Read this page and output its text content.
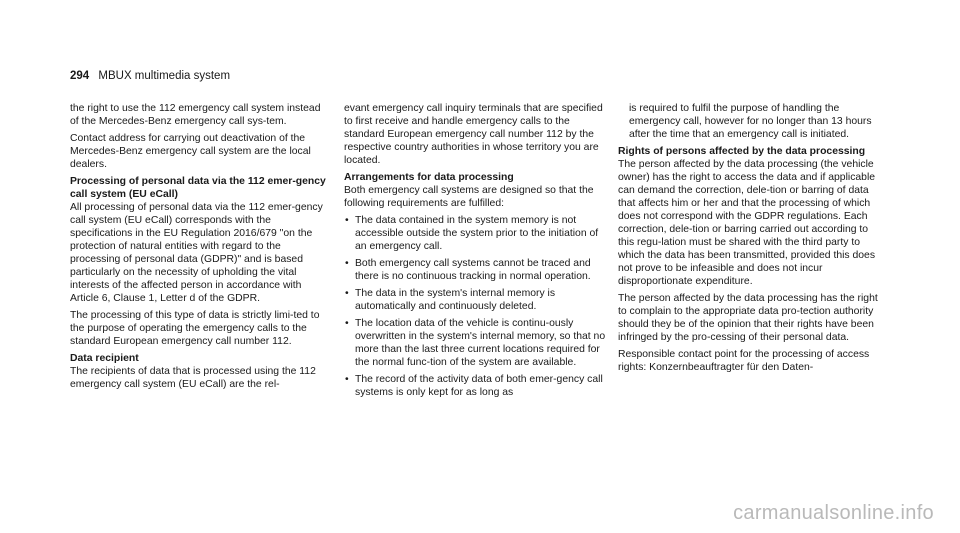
294 MBUX multimedia system

the right to use the 112 emergency call system instead of the Mercedes-Benz emergency call sys-tem.

Contact address for carrying out deactivation of the Mercedes-Benz emergency call system are the local dealers.

Processing of personal data via the 112 emer-gency call system (EU eCall)

All processing of personal data via the 112 emer-gency call system (EU eCall) corresponds with the specifications in the EU Regulation 2016/679 "on the protection of natural entities with regard to the processing of personal data (GDPR)" and is based particularly on the necessity of upholding the vital interests of the affected person in accordance with Article 6, Clause 1, Letter d of the GDPR.

The processing of this type of data is strictly limi-ted to the purpose of operating the emergency calls to the standard European emergency call number 112.

Data recipient

The recipients of data that is processed using the 112 emergency call system (EU eCall) are the rel-

evant emergency call inquiry terminals that are specified to first receive and handle emergency calls to the standard European emergency call number 112 by the respective country authorities in whose territory you are located.

Arrangements for data processing

Both emergency call systems are designed so that the following requirements are fulfilled:

• The data contained in the system memory is not accessible outside the system prior to the initiation of an emergency call.
• Both emergency call systems cannot be traced and there is no continuous tracking in normal operation.
• The data in the system's internal memory is automatically and continuously deleted.
• The location data of the vehicle is continu-ously overwritten in the system's internal memory, so that no more than the last three current locations required for the normal func-tion of the system are available.
• The record of the activity data of both emer-gency call systems is only kept for as long as

is required to fulfil the purpose of handling the emergency call, however for no longer than 13 hours after the time that an emergency call is initiated.

Rights of persons affected by the data processing

The person affected by the data processing (the vehicle owner) has the right to access the data and if applicable can demand the correction, dele-tion or barring of data that affects him or her and that the processing of which does not correspond with the GDPR regulations. Each correction, dele-tion or barring carried out according to this regu-lation must be shared with the third party to which the data has been transmitted, provided this does not prove to be infeasible and does not incur disproportionate expenditure.

The person affected by the data processing has the right to complain to the appropriate data pro-tection authority should they be of the opinion that their rights have been infringed by the pro-cessing of their personal data.

Responsible contact point for the processing of access rights: Konzernbeauftragter für den Daten-

carmanualsonline.info
